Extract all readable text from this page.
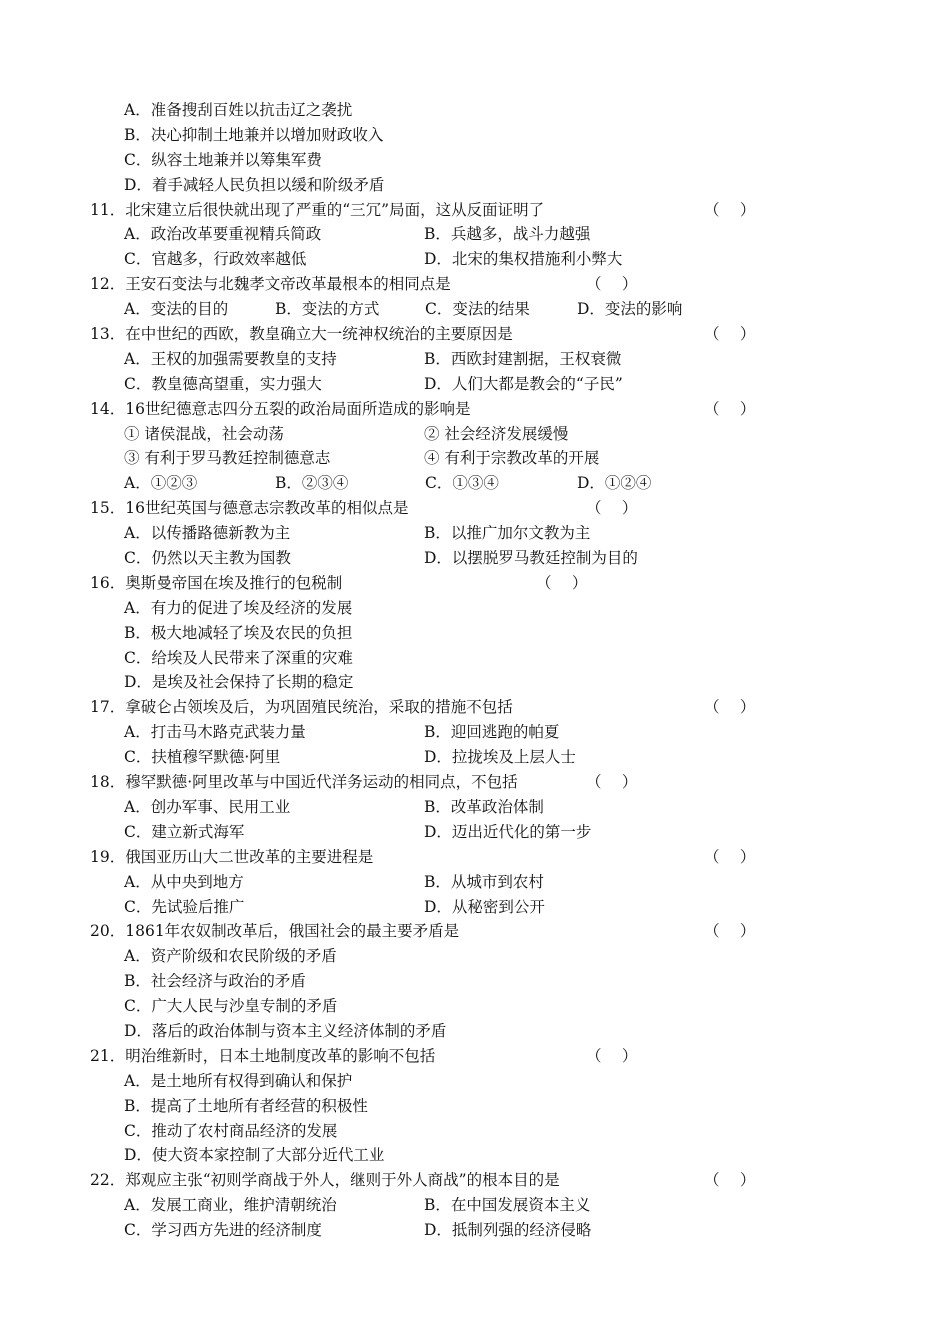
A．准备搜刮百姓以抗击辽之袭扰
B．决心抑制土地兼并以增加财政收入
C．纵容土地兼并以筹集军费
D．着手减轻人民负担以缓和阶级矛盾
11．北宋建立后很快就出现了严重的“三冗”局面，这从反面证明了	（ ）
A．政治改革要重视精兵简政	B．兵越多，战斗力越强
C．官越多，行政效率越低	D．北宋的集权措施利小弊大
12．王安石变法与北魏孝文帝改革最根本的相同点是	（ ）
A．变法的目的	B．变法的方式	C．变法的结果	D．变法的影响
13．在中世纪的西欧，教皇确立大一统神权统治的主要原因是	（ ）
A．王权的加强需要教皇的支持	B．西欧封建割据，王权衰微
C．教皇德高望重，实力强大	D．人们大都是教会的“子民”
14．16世纪德意志四分五裂的政治局面所造成的影响是	（ ）
① 诸侯混战，社会动荡	② 社会经济发展缓慢
③ 有利于罗马教廷控制德意志	④ 有利于宗教改革的开展
A．①②③	B．②③④	C．①③④	D．①②④
15．16世纪英国与德意志宗教改革的相似点是	（ ）
A．以传播路德新教为主	B．以推广加尔文教为主
C．仍然以天主教为国教	D．以摆脱罗马教廷控制为目的
16．奥斯曼帝国在埃及推行的包税制	（ ）
A．有力的促进了埃及经济的发展
B．极大地减轻了埃及农民的负担
C．给埃及人民带来了深重的灾难
D．是埃及社会保持了长期的稳定
17．拿破仑占领埃及后，为巩固殖民统治，采取的措施不包括	（ ）
A．打击马木路克武装力量	B．迎回逃跑的帕夏
C．扶植穆罕默德·阿里	D．拉拢埃及上层人士
18．穆罕默德·阿里改革与中国近代洋务运动的相同点，不包括	（ ）
A．创办军事、民用工业	B．改革政治体制
C．建立新式海军	D．迈出近代化的第一步
19．俄国亚历山大二世改革的主要进程是	（ ）
A．从中央到地方	B．从城市到农村
C．先试验后推广	D．从秘密到公开
20．1861年农奴制改革后，俄国社会的最主要矛盾是	（ ）
A．资产阶级和农民阶级的矛盾
B．社会经济与政治的矛盾
C．广大人民与沙皇专制的矛盾
D．落后的政治体制与资本主义经济体制的矛盾
21．明治维新时，日本土地制度改革的影响不包括	（ ）
A．是土地所有权得到确认和保护
B．提高了土地所有者经营的积极性
C．推动了农村商品经济的发展
D．使大资本家控制了大部分近代工业
22．郑观应主张“初则学商战于外人，继则于外人商战”的根本目的是	（ ）
A．发展工商业，维护清朝统治	B．在中国发展资本主义
C．学习西方先进的经济制度	D．抵制列强的经济侵略
